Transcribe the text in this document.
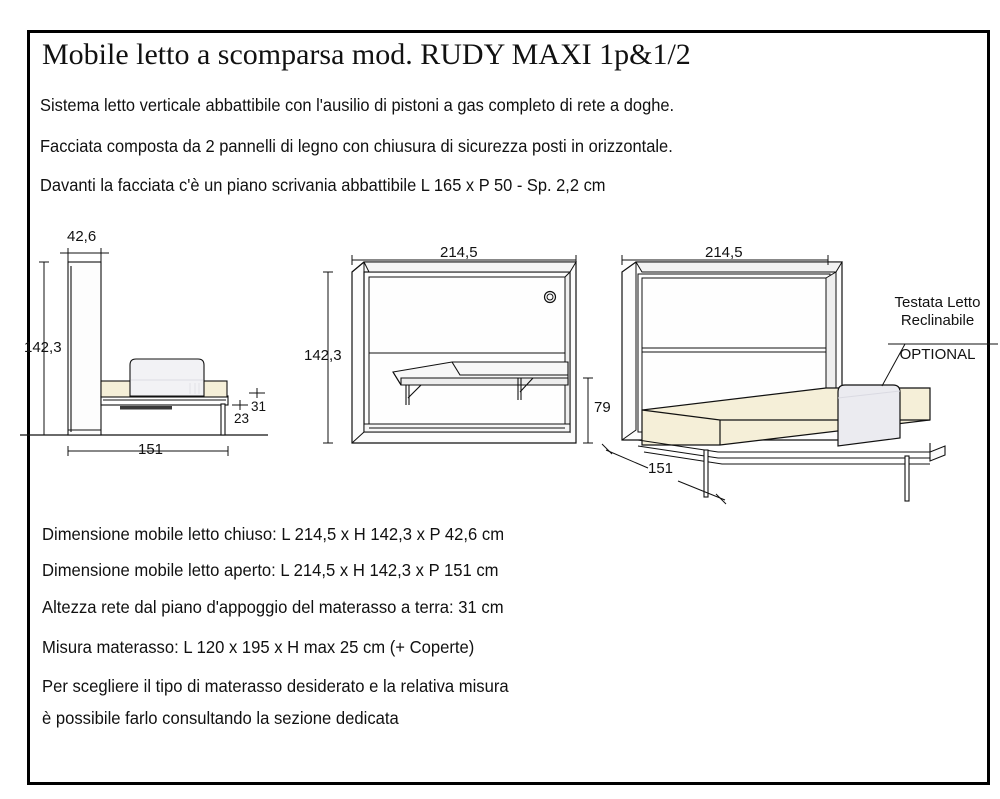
Mobile letto a scomparsa mod. RUDY MAXI 1p&1/2
Sistema letto verticale abbattibile con l'ausilio di pistoni a gas completo di rete a doghe.
Facciata composta da 2 pannelli di legno con chiusura di sicurezza posti in orizzontale.
Davanti la facciata c'è un piano scrivania abbattibile L 165 x P 50 - Sp. 2,2 cm
42,6
142,3
151
23
31
214,5
142,3
79
Testata Letto
Reclinabile
OPTIONAL
214,5
151
Dimensione mobile letto chiuso: L 214,5 x H 142,3 x P 42,6 cm
Dimensione mobile letto aperto: L 214,5 x H 142,3 x P 151 cm
Altezza rete dal piano d'appoggio del materasso a terra: 31 cm
Misura materasso: L 120 x 195 x H max 25 cm (+ Coperte)
Per scegliere il tipo di materasso desiderato e la relativa misura
è possibile farlo consultando la sezione dedicata
